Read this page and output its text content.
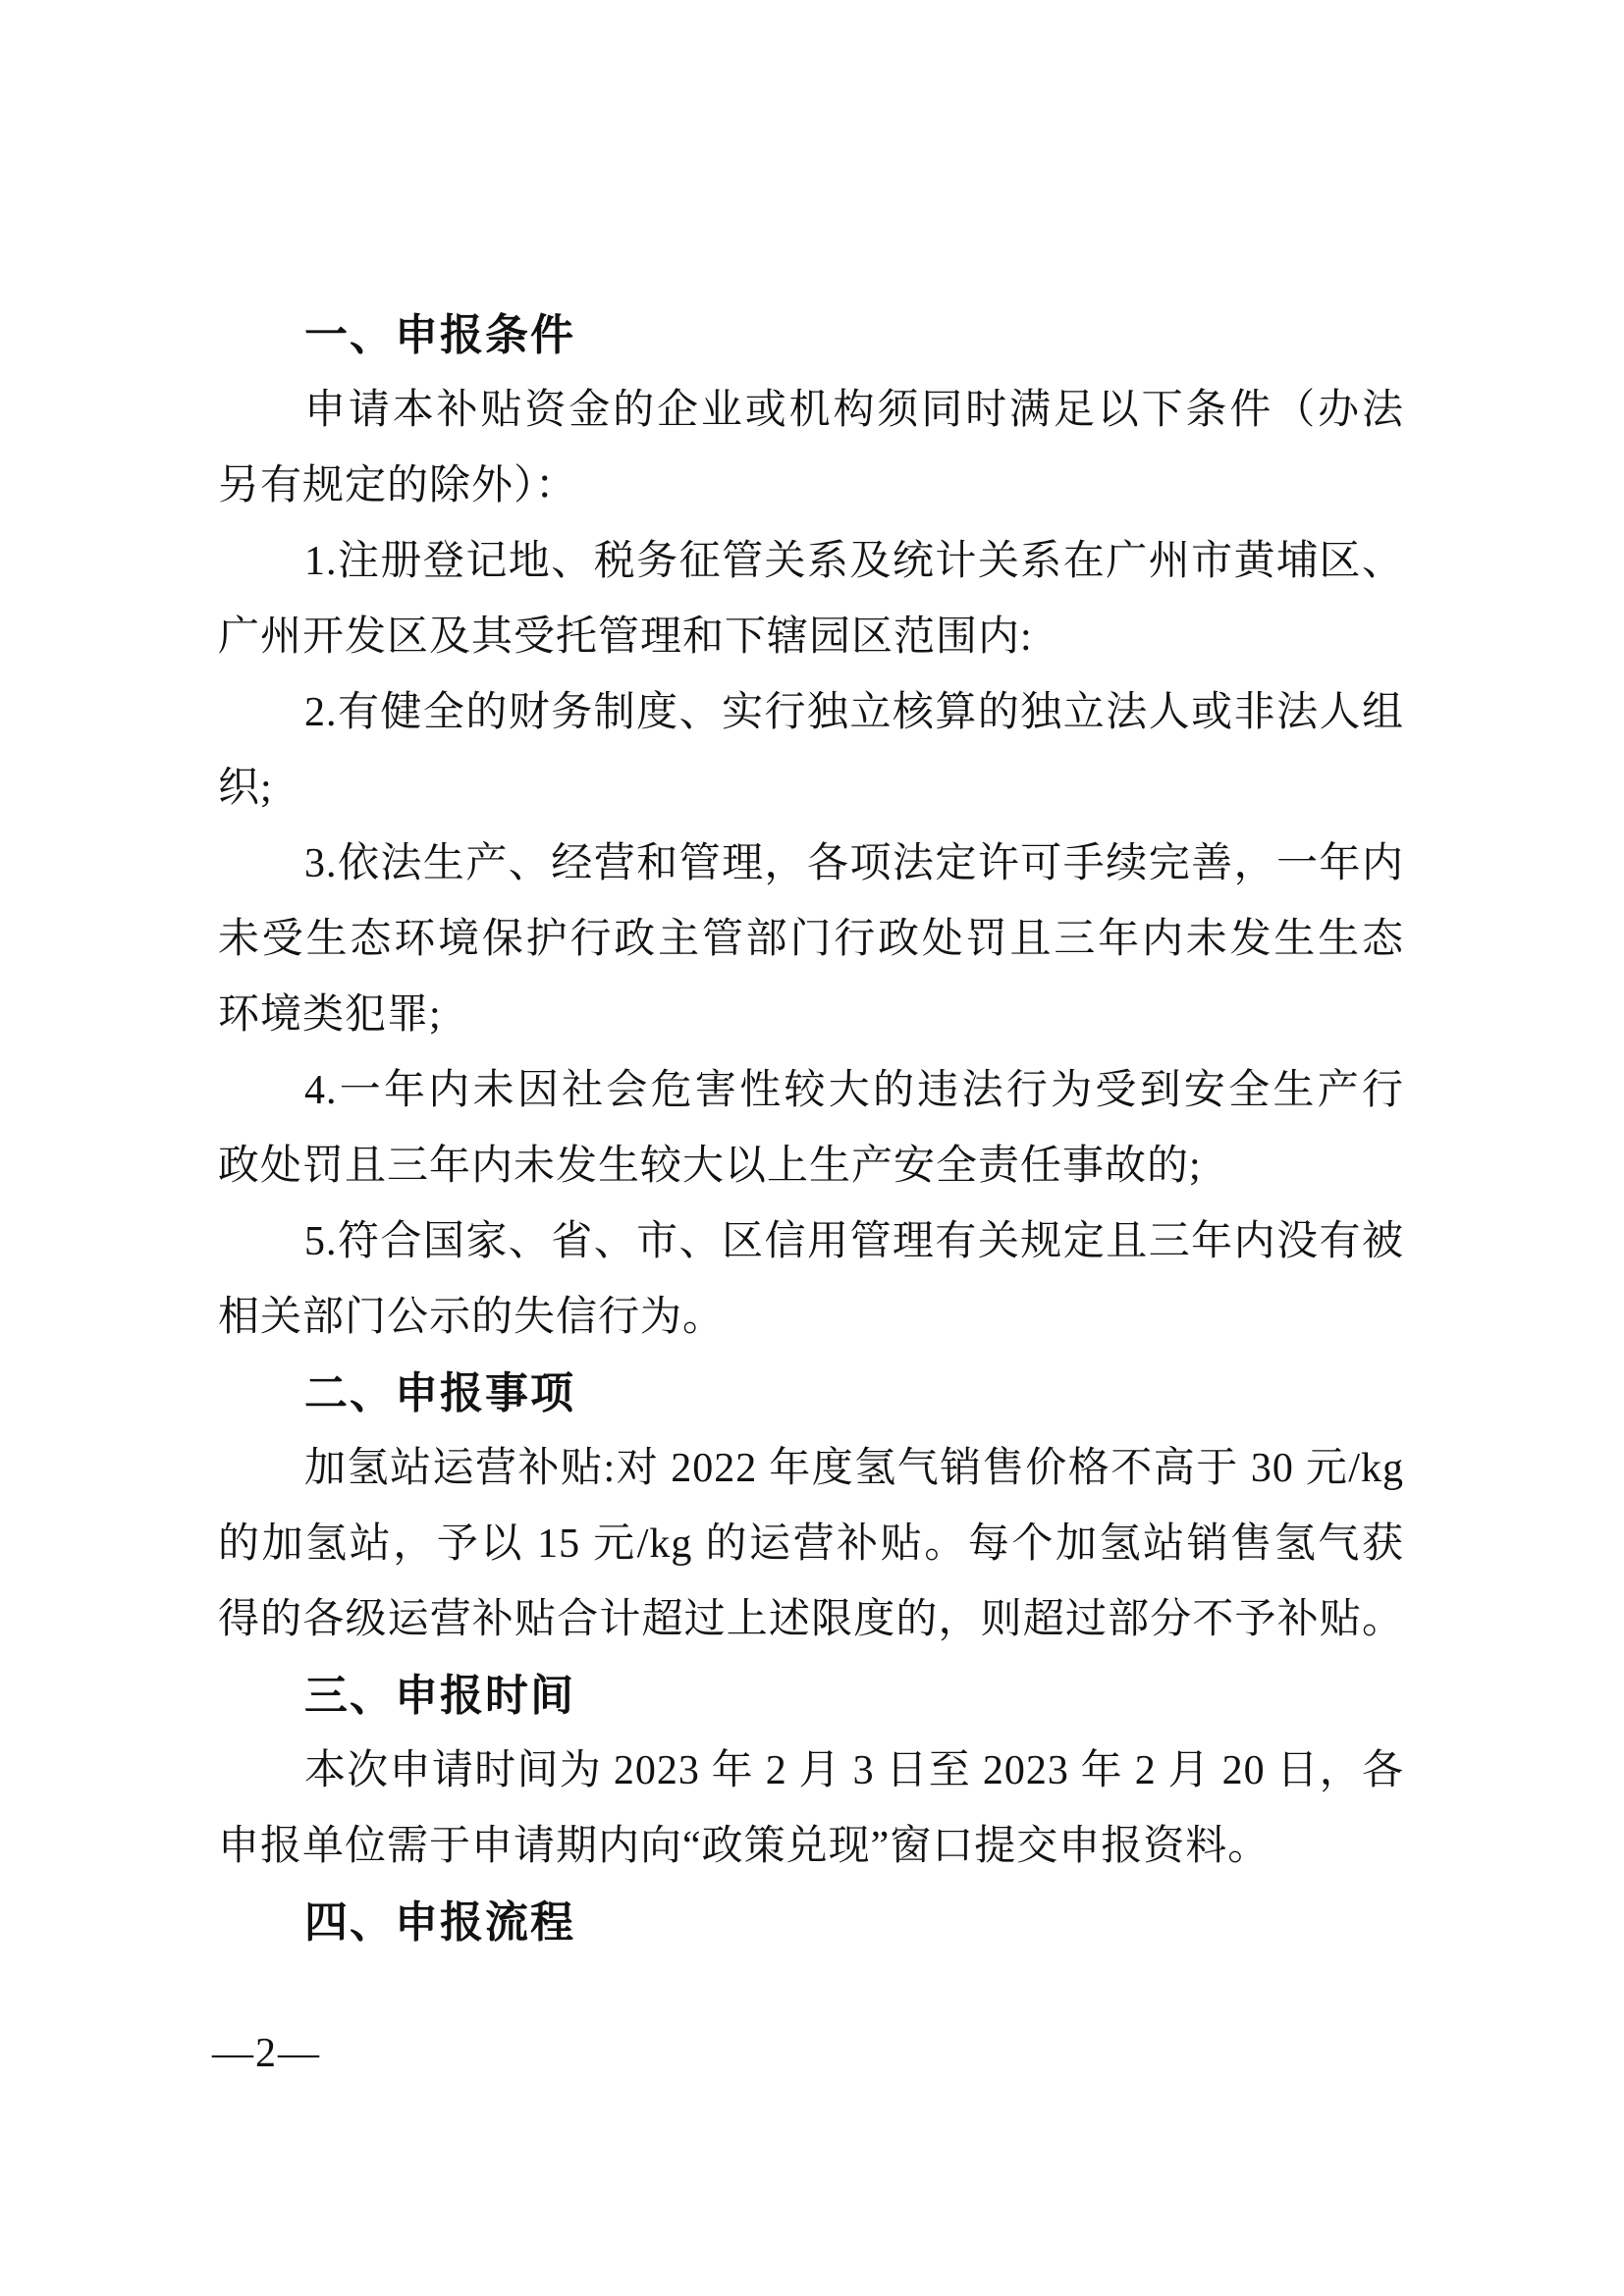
一、申报条件
申请本补贴资金的企业或机构须同时满足以下条件（办法
另有规定的除外）：
1.注册登记地、税务征管关系及统计关系在广州市黄埔区、
广州开发区及其受托管理和下辖园区范围内:
2.有健全的财务制度、实行独立核算的独立法人或非法人组
织;
3.依法生产、经营和管理，各项法定许可手续完善，一年内
未受生态环境保护行政主管部门行政处罚且三年内未发生生态
环境类犯罪;
4.一年内未因社会危害性较大的违法行为受到安全生产行
政处罚且三年内未发生较大以上生产安全责任事故的;
5.符合国家、省、市、区信用管理有关规定且三年内没有被
相关部门公示的失信行为。
二、申报事项
加氢站运营补贴:对 2022 年度氢气销售价格不高于 30 元/kg
的加氢站，予以 15 元/kg 的运营补贴。每个加氢站销售氢气获
得的各级运营补贴合计超过上述限度的，则超过部分不予补贴。
三、申报时间
本次申请时间为 2023 年 2 月 3 日至 2023 年 2 月 20 日，各
申报单位需于申请期内向“政策兑现”窗口提交申报资料。
四、申报流程
—2—
